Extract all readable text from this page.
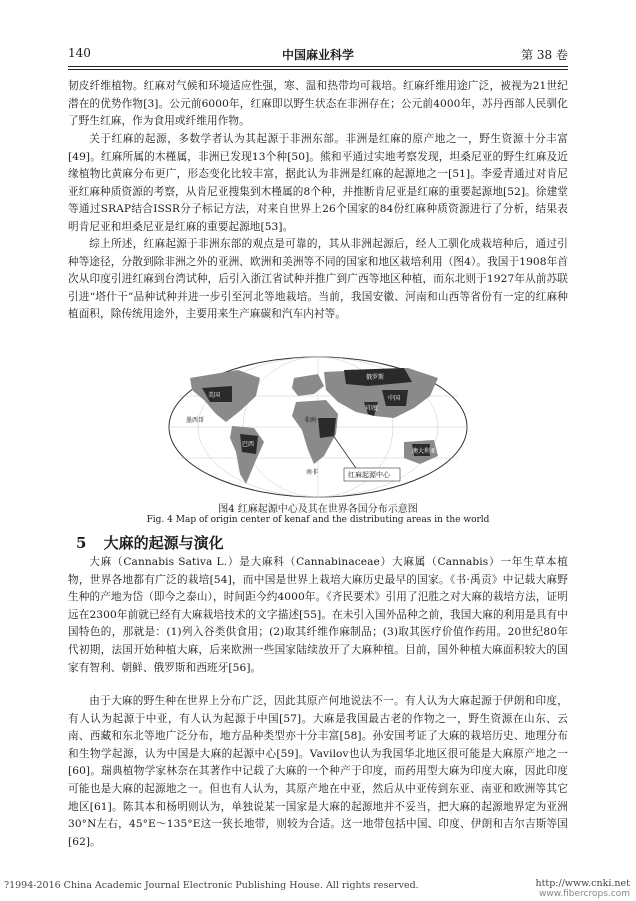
140	中国麻业科学	第 38 卷

韧皮纤维植物。红麻对气候和环境适应性强，寒、温和热带均可栽培。红麻纤维用途广泛，被视为21世纪潜在的优势作物[3]。公元前6000年，红麻即以野生状态在非洲存在；公元前4000年，苏丹西部人民驯化了野生红麻，作为食用或纤维用作物。

关于红麻的起源，多数学者认为其起源于非洲东部。非洲是红麻的原产地之一，野生资源十分丰富[49]。红麻所属的木槿属，非洲已发现13个种[50]。熊和平通过实地考察发现，坦桑尼亚的野生红麻及近缘植物比黄麻分布更广，形态变化比较丰富，据此认为非洲是红麻的起源地之一[51]。李爱青通过对肯尼亚红麻种质资源的考察，从肯尼亚搜集到木槿属的8个种，并推断肯尼亚是红麻的重要起源地[52]。徐建堂等通过SRAP结合ISSR分子标记方法，对来自世界上26个国家的84份红麻种质资源进行了分析，结果表明肯尼亚和坦桑尼亚是红麻的重要起源地[53]。

综上所述，红麻起源于非洲东部的观点是可靠的，其从非洲起源后，经人工驯化成栽培种后，通过引种等途径，分散到除非洲之外的亚洲、欧洲和美洲等不同的国家和地区栽培利用（图4）。我国于1908年首次从印度引进红麻到台湾试种，后引入浙江省试种并推广到广西等地区种植，而东北则于1927年从前苏联引进“塔什干”品种试种并进一步引至河北等地栽培。当前，我国安徽、河南和山西等省份有一定的红麻种植面积，除传统用途外，主要用来生产麻碳和汽车内衬等。

俄罗斯
美国
墨西哥
中国
印度
非洲
巴西
南非
澳大利亚
红麻起源中心
图4 红麻起源中心及其在世界各国分布示意图
Fig. 4 Map of origin center of kenaf and the distributing areas in the world
5 大麻的起源与演化

大麻（Cannabis Sativa L.）是大麻科（Cannabinaceae）大麻属（Cannabis）一年生草本植物，世界各地都有广泛的栽培[54]，而中国是世界上栽培大麻历史最早的国家。《书·禹贡》中记载大麻野生种的产地为岱（即今之泰山），时间距今约4000年。《齐民要术》引用了氾胜之对大麻的栽培方法，证明远在2300年前就已经有大麻栽培技术的文字描述[55]。在未引入国外品种之前，我国大麻的利用是具有中国特色的，那就是：(1)列入谷类供食用；(2)取其纤维作麻制品；(3)取其医疗价值作药用。20世纪80年代初期，法国开始种植大麻，后来欧洲一些国家陆续放开了大麻种植。目前，国外种植大麻面积较大的国家有智利、朝鲜、俄罗斯和西班牙[56]。

由于大麻的野生种在世界上分布广泛，因此其原产何地说法不一。有人认为大麻起源于伊朗和印度，有人认为起源于中亚，有人认为起源于中国[57]。大麻是我国最古老的作物之一，野生资源在山东、云南、西藏和东北等地广泛分布，地方品种类型亦十分丰富[58]。孙安国考证了大麻的栽培历史、地理分布和生物学起源，认为中国是大麻的起源中心[59]。Vavilov也认为我国华北地区很可能是大麻原产地之一[60]。瑞典植物学家林奈在其著作中记载了大麻的一个种产于印度，而药用型大麻为印度大麻，因此印度可能也是大麻的起源地之一。但也有人认为，其原产地在中亚，然后从中亚传到东亚、南亚和欧洲等其它地区[61]。陈其本和杨明则认为，单独说某一国家是大麻的起源地并不妥当，把大麻的起源地界定为亚洲30°N左右，45°E～135°E这一狭长地带，则较为合适。这一地带包括中国、印度、伊朗和吉尔吉斯等国[62]。

?1994-2016 China Academic Journal Electronic Publishing House. All rights reserved.	http://www.cnki.net
www.fibercrops.com
